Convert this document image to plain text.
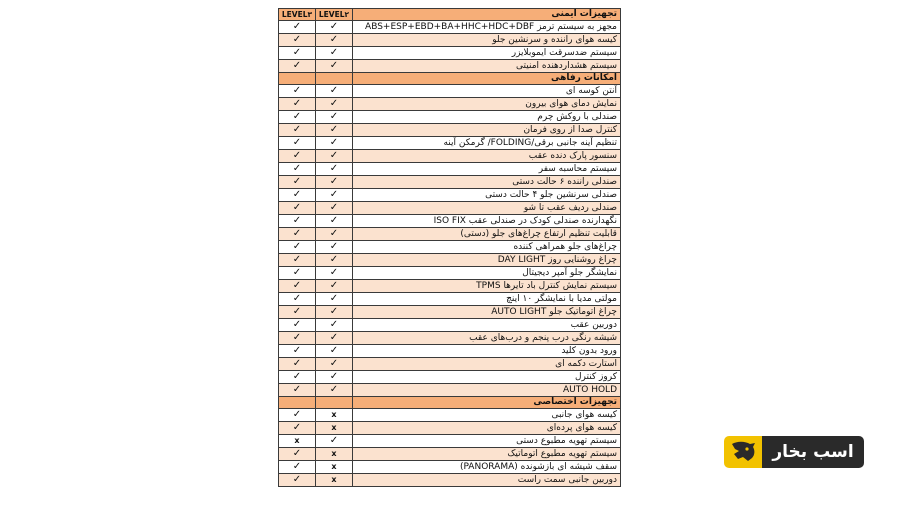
LEVEL۳	LEVEL۲	تجهیزات ایمنی
✓	✓	مجهز به سیستم ترمز ABS+ESP+EBD+BA+HHC+HDC+DBF
✓	✓	کیسه هوای راننده و سرنشین جلو
✓	✓	سیستم ضدسرقت ایموبلایزر
✓	✓	سیستم هشداردهنده امنیتی
		امکانات رفاهی
✓	✓	آنتن کوسه ای
✓	✓	نمایش دمای هوای بیرون
✓	✓	صندلی با روکش چرم
✓	✓	کنترل صدا از روی فرمان
✓	✓	تنظیم آینه جانبی برقی/FOLDING/ گرمکن آینه
✓	✓	سنسور پارک دنده عقب
✓	✓	سیستم محاسبه سفر
✓	✓	صندلی راننده ۶ حالت دستی
✓	✓	صندلی سرنشین جلو ۴ حالت دستی
✓	✓	صندلی ردیف عقب تا شو
✓	✓	نگهدارنده صندلی کودک در صندلی عقب ISO FIX
✓	✓	قابلیت تنظیم ارتفاع چراغ‌های جلو (دستی)
✓	✓	چراغ‌های جلو همراهی کننده
✓	✓	چراغ روشنایی روز DAY LIGHT
✓	✓	نمایشگر جلو آمپر دیجیتال
✓	✓	سیستم نمایش کنترل باد تایرها TPMS
✓	✓	مولتی مدیا با نمایشگر ۱۰ اینچ
✓	✓	چراغ اتوماتیک جلو AUTO LIGHT
✓	✓	دوربین عقب
✓	✓	شیشه رنگی درب پنجم و درب‌های عقب
✓	✓	ورود بدون کلید
✓	✓	استارت دکمه ای
✓	✓	کروز کنترل
✓	✓	AUTO HOLD
		تجهیزات اختصاصی
✓	x	کیسه هوای جانبی
✓	x	کیسه هوای پرده‌ای
x	✓	سیستم تهویه مطبوع دستی
✓	x	سیستم تهویه مطبوع اتوماتیک
✓	x	سقف شیشه ای بازشونده (PANORAMA)
✓	x	دوربین جانبی سمت راست
اسب بخار
